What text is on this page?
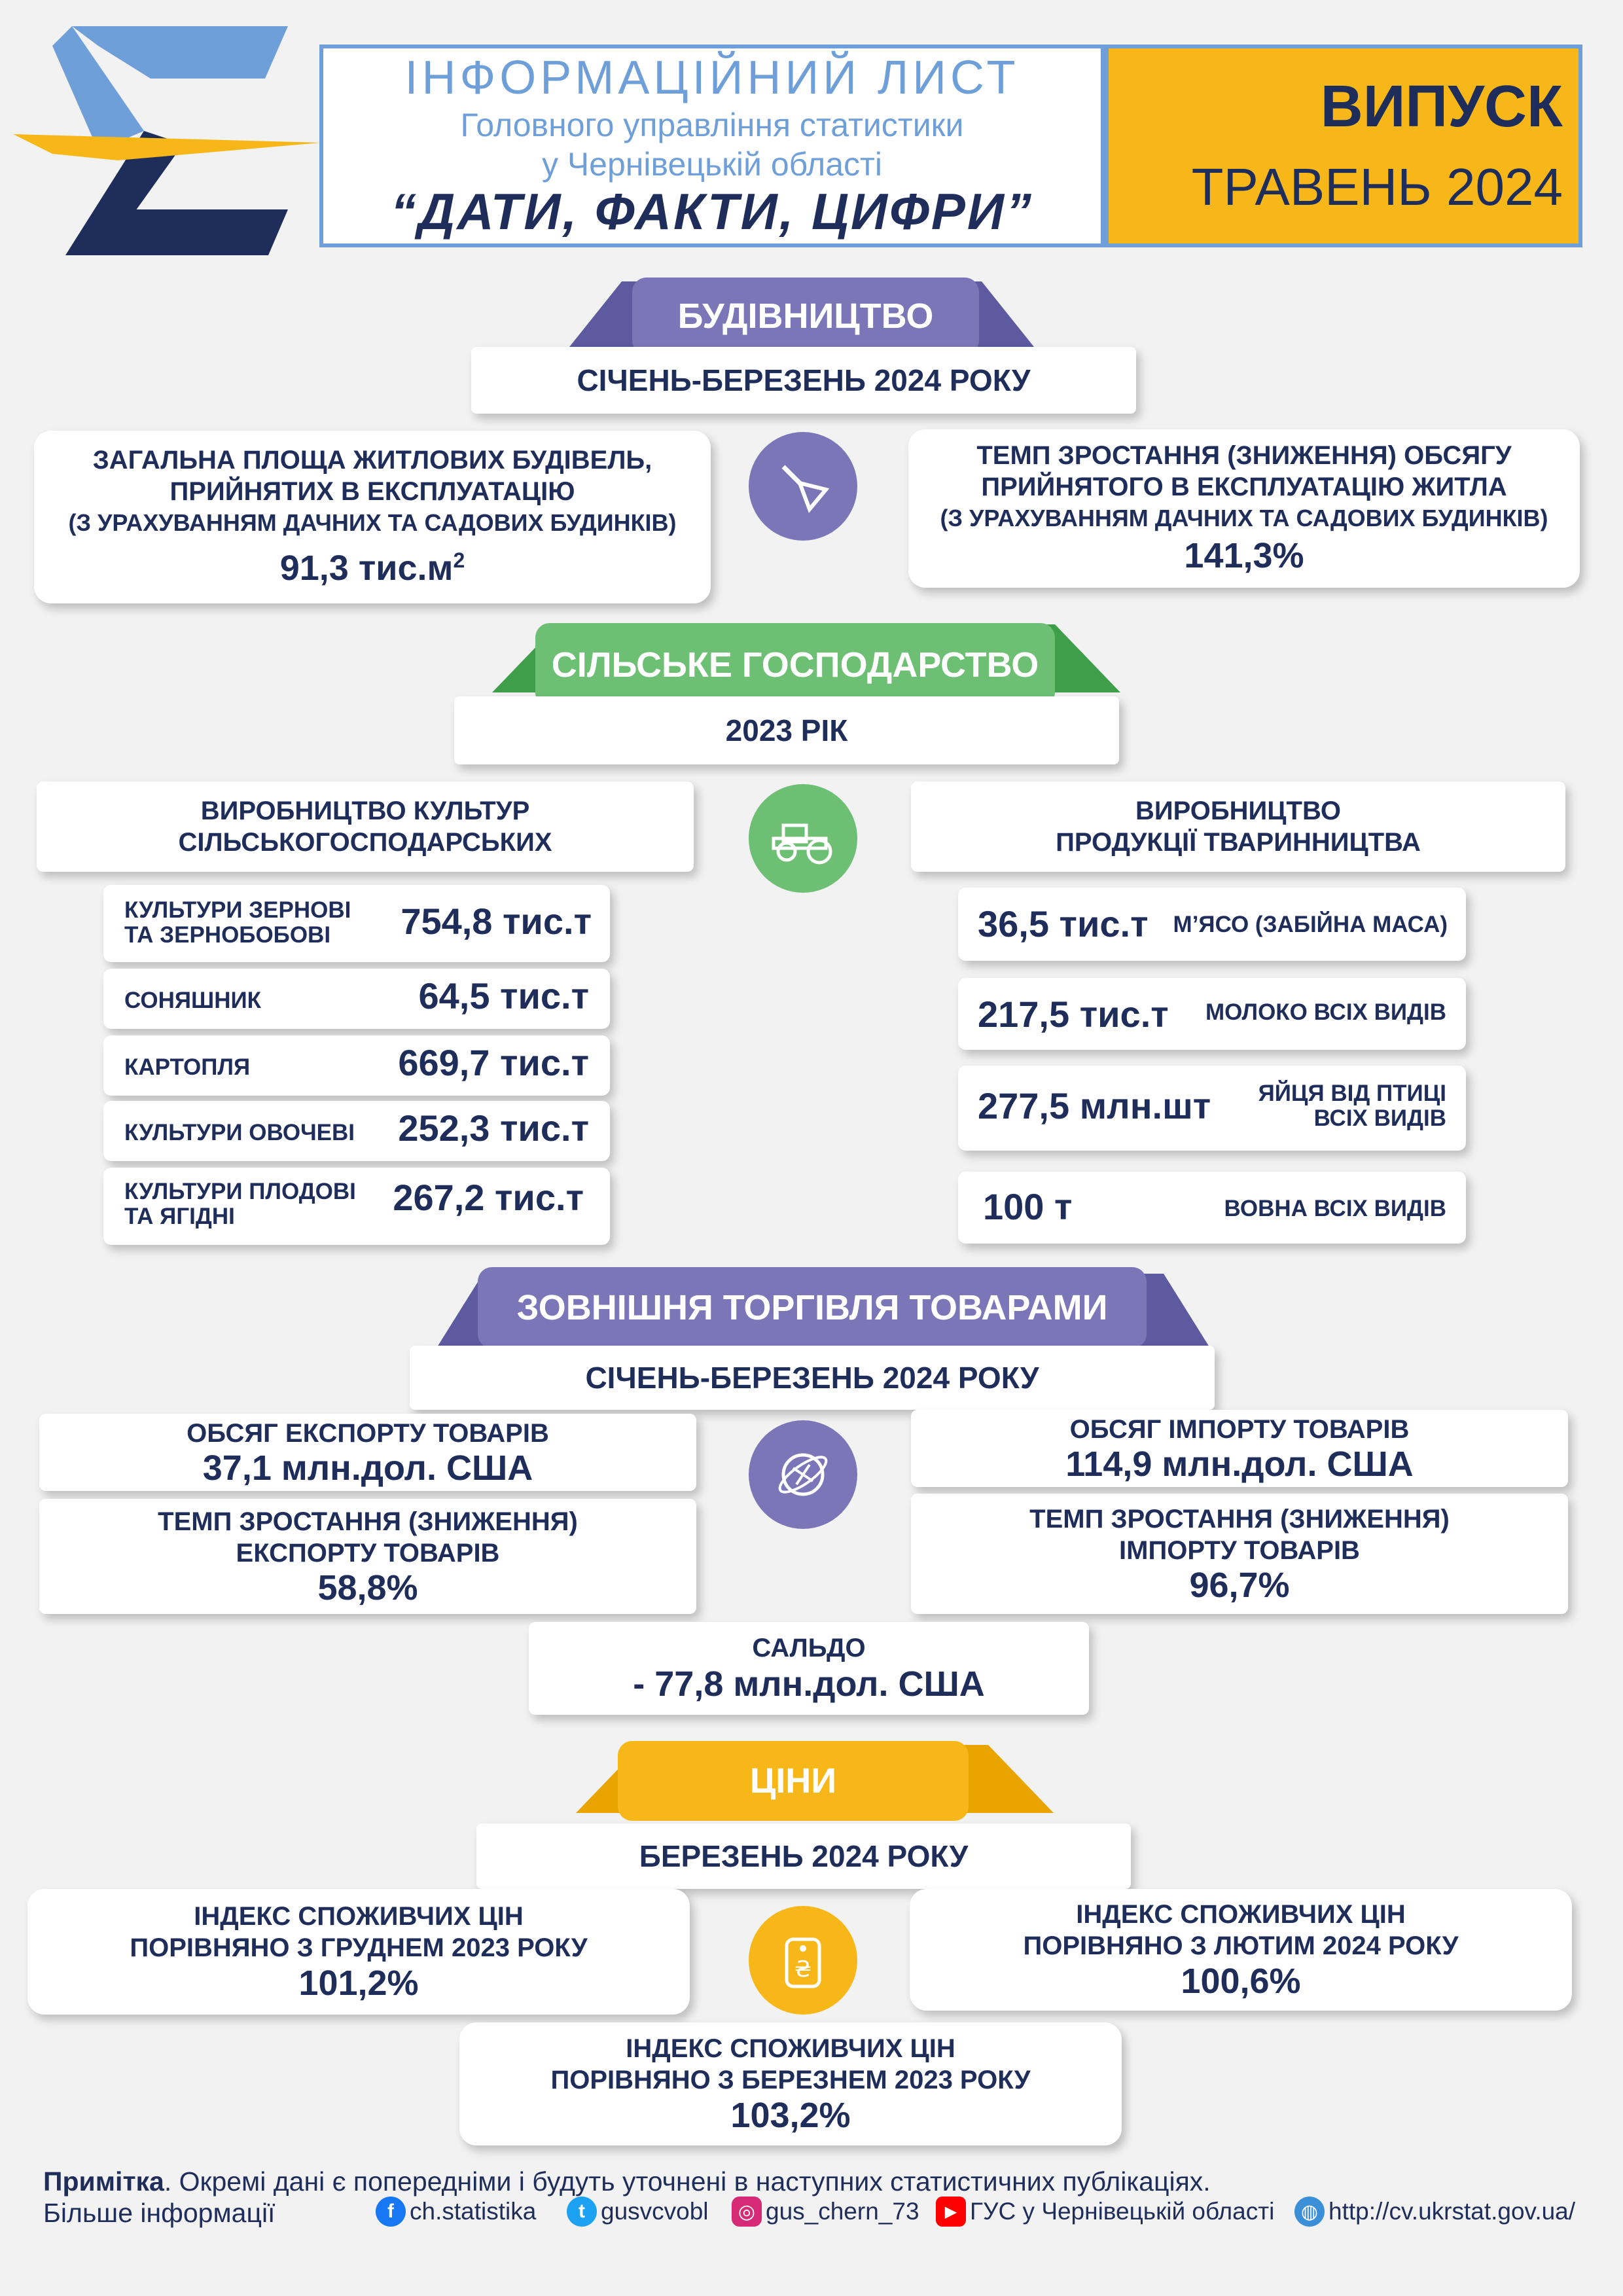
ІНФОРМАЦІЙНИЙ ЛИСТ
Головного управління статистики
у Чернівецькій області
“ДАТИ, ФАКТИ, ЦИФРИ”
ВИПУСК
ТРАВЕНЬ 2024
БУДІВНИЦТВО
СІЧЕНЬ-БЕРЕЗЕНЬ 2024 РОКУ
ЗАГАЛЬНА ПЛОЩА ЖИТЛОВИХ БУДІВЕЛЬ,
ПРИЙНЯТИХ В ЕКСПЛУАТАЦІЮ
(З УРАХУВАННЯМ ДАЧНИХ ТА САДОВИХ БУДИНКІВ)
91,3 $тис.м^2$
ТЕМП ЗРОСТАННЯ (ЗНИЖЕННЯ) ОБСЯГУ
ПРИЙНЯТОГО В ЕКСПЛУАТАЦІЮ ЖИТЛА
(З УРАХУВАННЯМ ДАЧНИХ ТА САДОВИХ БУДИНКІВ)
141,3%
СІЛЬСЬКЕ ГОСПОДАРСТВО
2023 РІК
ВИРОБНИЦТВО КУЛЬТУР
СІЛЬСЬКОГОСПОДАРСЬКИХ
ВИРОБНИЦТВО
ПРОДУКЦІЇ ТВАРИННИЦТВА
КУЛЬТУРИ ЗЕРНОВІ
ТА ЗЕРНОБОБОВІ 754,8 тис.т
СОНЯШНИК	64,5 тис.т
КАРТОПЛЯ	669,7 тис.т
КУЛЬТУРИ ОВОЧЕВІ 252,3 тис.т
КУЛЬТУРИ ПЛОДОВІ
ТА ЯГІДНІ	267,2 тис.т
36,5 тис.т М’ЯСО (ЗАБІЙНА МАСА)
217,5 тис.т МОЛОКО ВСІХ ВИДІВ
277,5 млн.шт ЯЙЦЯ ВІД ПТИЦІ
ВСІХ ВИДІВ
100 т	ВОВНА ВСІХ ВИДІВ
ЗОВНІШНЯ ТОРГІВЛЯ ТОВАРАМИ
СІЧЕНЬ-БЕРЕЗЕНЬ 2024 РОКУ
ОБСЯГ ЕКСПОРТУ ТОВАРІВ
37,1 млн.дол. США
ОБСЯГ ІМПОРТУ ТОВАРІВ
114,9 млн.дол. США
ТЕМП ЗРОСТАННЯ (ЗНИЖЕННЯ)
ЕКСПОРТУ ТОВАРІВ
58,8%
ТЕМП ЗРОСТАННЯ (ЗНИЖЕННЯ)
ІМПОРТУ ТОВАРІВ
96,7%
САЛЬДО
- 77,8 млн.дол. США
ЦІНИ
БЕРЕЗЕНЬ 2024 РОКУ
ІНДЕКС СПОЖИВЧИХ ЦІН
ПОРІВНЯНО З ГРУДНЕМ 2023 РОКУ
101,2%	₴
ІНДЕКС СПОЖИВЧИХ ЦІН
ПОРІВНЯНО З ЛЮТИМ 2024 РОКУ
100,6%
ІНДЕКС СПОЖИВЧИХ ЦІН
ПОРІВНЯНО З БЕРЕЗНЕМ 2023 РОКУ
103,2%
Примітка. Окремі дані є попередніми і будуть уточнені в наступних статистичних публікаціях.
Більше інформації	f ch.statistika	t gusvcvobl	◎ gus_chern_73	▶ ГУС у Чернівецькій області	◍ http://cv.ukrstat.gov.ua/
